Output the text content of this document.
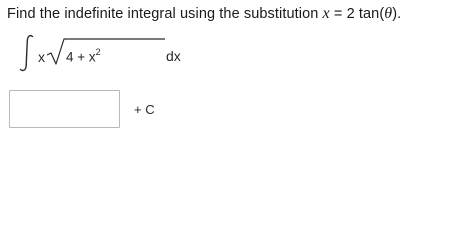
Find the indefinite integral using the substitution x = 2 tan(θ).
x $4 + x^2$	dx
+ C
